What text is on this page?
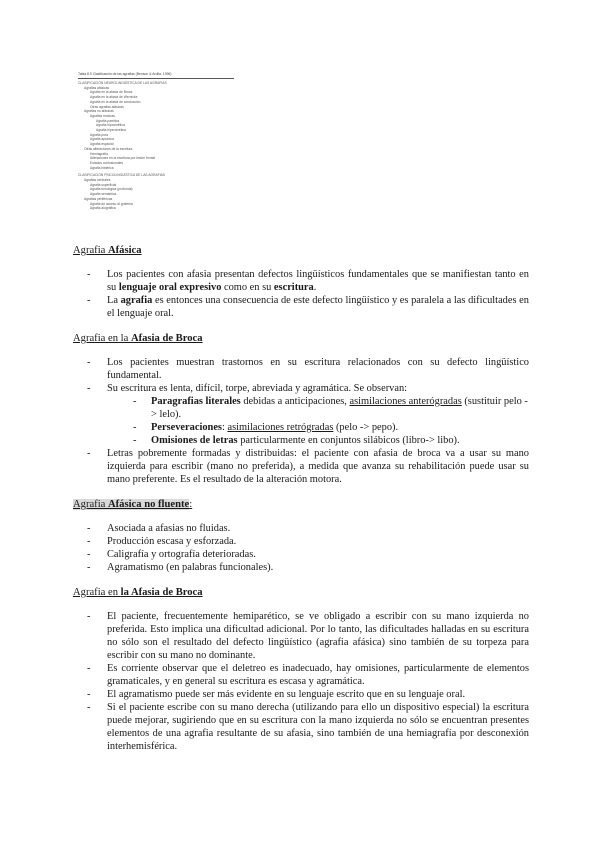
Tabla 8.9 Clasificación de las agrafias (Benson & Ardila, 1996)
CLASIFICACIÓN NEUROLINGÜÍSTICA DE LAS AGRAFIAS
Agrafias afásicas
Agrafia en la afasia de Broca
Agrafia en la afasia de Wernicke
Agrafia en la afasia de conducción
Otras agrafias afásicas
Agrafias no afásicas
Agrafias motoras
Agrafia parética
Agrafia hipocinética
Agrafia hipercinética
Agrafia pura
Agrafia apráxica
Agrafia espacial
Otras alteraciones de la escritura
Hemiagrafía
Alteraciones en la escritura por lesión frontal
Estados confusionales
Agrafia histérica
CLASIFICACIÓN PSICOLINGÜÍSTICA DE LAS AGRAFIAS
Agrafias centrales
Agrafia superficial
Agrafia fonológica (profunda)
Agrafia semántica
Agrafias periféricas
Agrafia de acceso al grafema
Agrafia alográfica

Agrafia Afásica

- Los pacientes con afasia presentan defectos lingüísticos fundamentales que se manifiestan tanto en su lenguaje oral expresivo como en su escritura.
- La agrafia es entonces una consecuencia de este defecto lingüístico y es paralela a las dificultades en el lenguaje oral.

Agrafia en la Afasia de Broca

- Los pacientes muestran trastornos en su escritura relacionados con su defecto lingüístico fundamental.
- Su escritura es lenta, difícil, torpe, abreviada y agramática. Se observan:
- Paragrafias literales debidas a anticipaciones, asimilaciones anterógradas (sustituir pelo -> lelo).
- Perseveraciones: asimilaciones retrógradas (pelo -> pepo).
- Omisiones de letras particularmente en conjuntos silábicos (libro-> libo).
- Letras pobremente formadas y distribuidas: el paciente con afasia de broca va a usar su mano izquierda para escribir (mano no preferida), a medida que avanza su rehabilitación puede usar su mano preferente. Es el resultado de la alteración motora.

Agrafia Afásica no fluente:

- Asociada a afasias no fluidas.
- Producción escasa y esforzada.
- Caligrafía y ortografía deterioradas.
- Agramatismo (en palabras funcionales).

Agrafia en la Afasia de Broca

- El paciente, frecuentemente hemiparético, se ve obligado a escribir con su mano izquierda no preferida. Esto implica una dificultad adicional. Por lo tanto, las dificultades halladas en su escritura no sólo son el resultado del defecto lingüístico (agrafia afásica) sino también de su torpeza para escribir con su mano no dominante.
- Es corriente observar que el deletreo es inadecuado, hay omisiones, particularmente de elementos gramaticales, y en general su escritura es escasa y agramática.
- El agramatismo puede ser más evidente en su lenguaje escrito que en su lenguaje oral.
- Si el paciente escribe con su mano derecha (utilizando para ello un dispositivo especial) la escritura puede mejorar, sugiriendo que en su escritura con la mano izquierda no sólo se encuentran presentes elementos de una agrafia resultante de su afasia, sino también de una hemiagrafía por desconexión interhemisférica.
